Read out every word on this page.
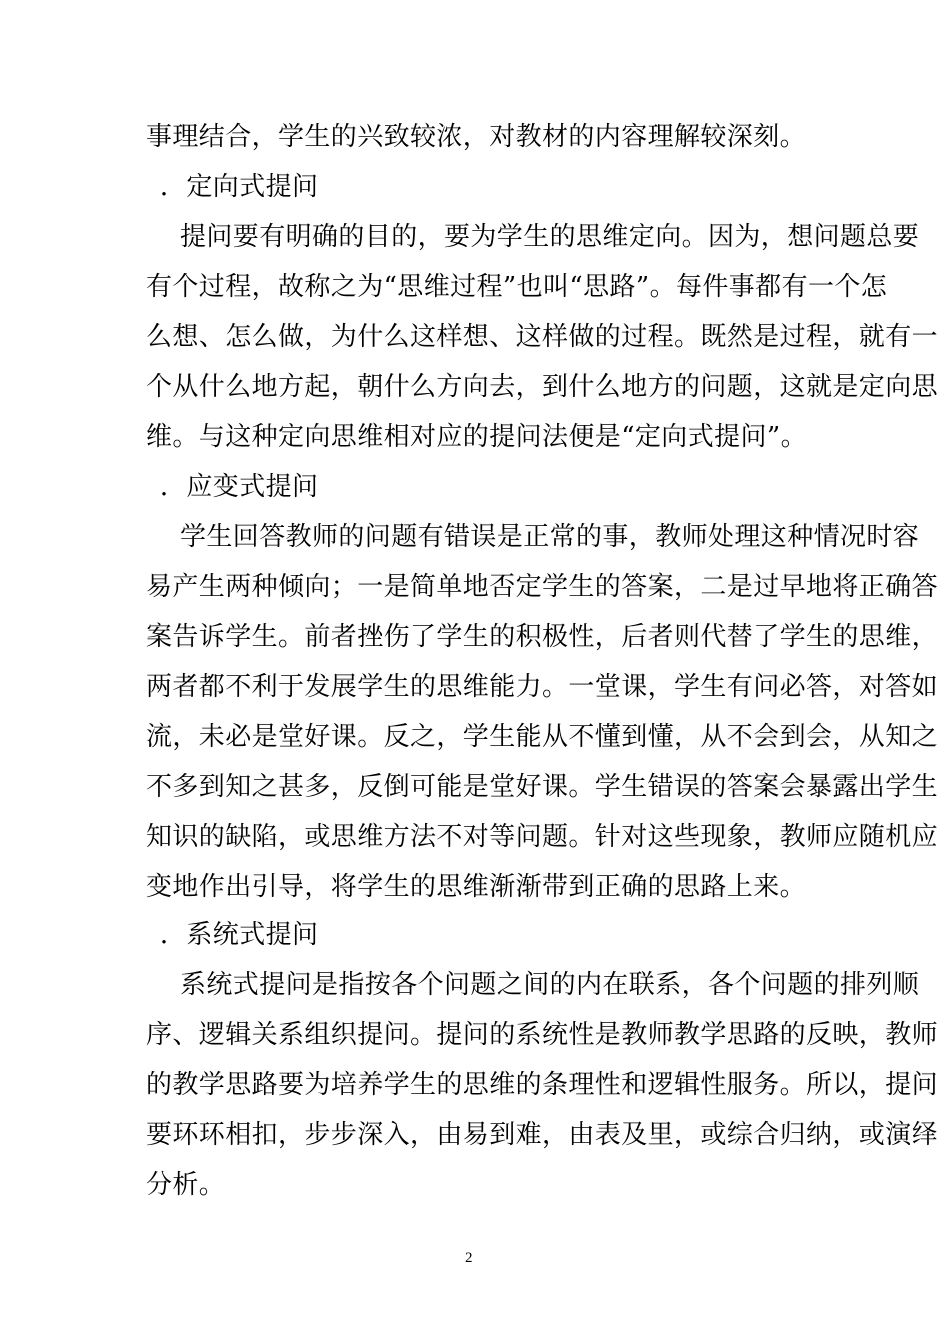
事理结合，学生的兴致较浓，对教材的内容理解较深刻。
．定向式提问
提问要有明确的目的，要为学生的思维定向。因为，想问题总要
有个过程，故称之为“思维过程”也叫“思路”。每件事都有一个怎
么想、怎么做，为什么这样想、这样做的过程。既然是过程，就有一
个从什么地方起，朝什么方向去，到什么地方的问题，这就是定向思
维。与这种定向思维相对应的提问法便是“定向式提问”。
．应变式提问
学生回答教师的问题有错误是正常的事，教师处理这种情况时容
易产生两种倾向；一是简单地否定学生的答案，二是过早地将正确答
案告诉学生。前者挫伤了学生的积极性，后者则代替了学生的思维，
两者都不利于发展学生的思维能力。一堂课，学生有问必答，对答如
流，未必是堂好课。反之，学生能从不懂到懂，从不会到会，从知之
不多到知之甚多，反倒可能是堂好课。学生错误的答案会暴露出学生
知识的缺陷，或思维方法不对等问题。针对这些现象，教师应随机应
变地作出引导，将学生的思维渐渐带到正确的思路上来。
．系统式提问
系统式提问是指按各个问题之间的内在联系，各个问题的排列顺
序、逻辑关系组织提问。提问的系统性是教师教学思路的反映，教师
的教学思路要为培养学生的思维的条理性和逻辑性服务。所以，提问
要环环相扣，步步深入，由易到难，由表及里，或综合归纳，或演绎
分析。
2
